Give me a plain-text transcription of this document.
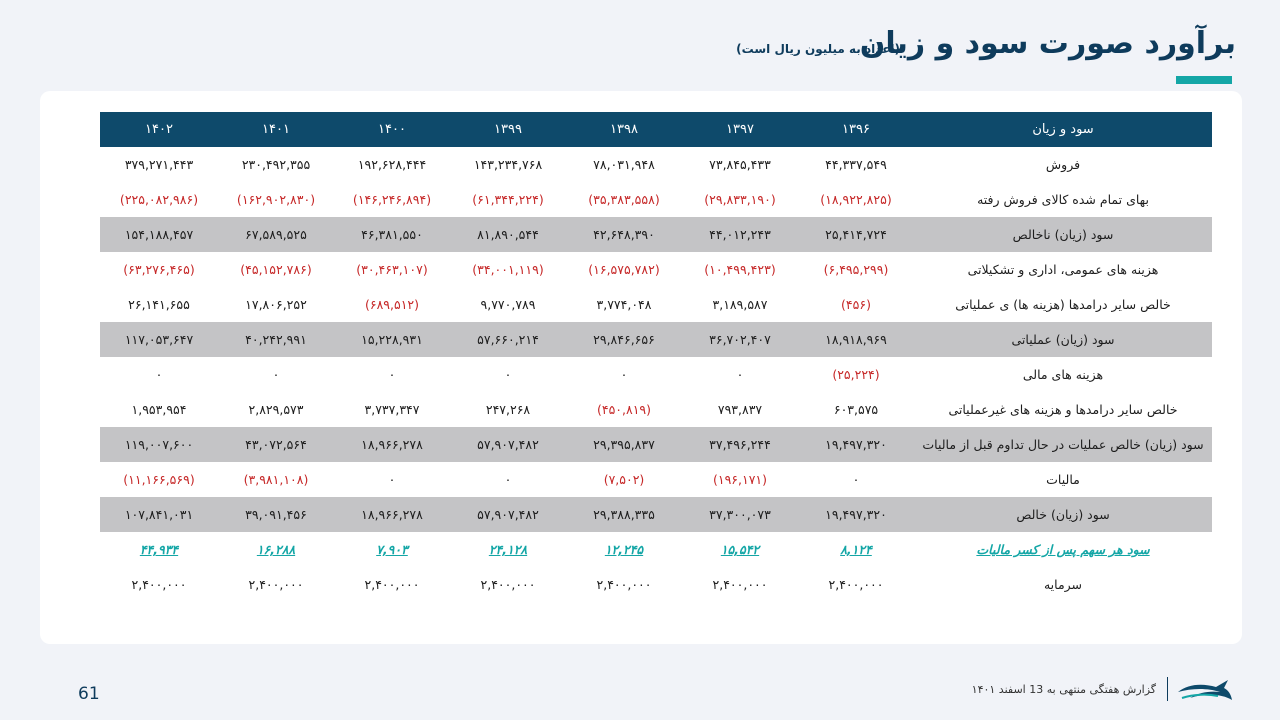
برآورد صورت سود و زیان
(اعداد به میلیون ریال است)
سود و زیان	۱۳۹۶	۱۳۹۷	۱۳۹۸	۱۳۹۹	۱۴۰۰	۱۴۰۱	۱۴۰۲
فروش	۴۴,۳۳۷,۵۴۹	۷۳,۸۴۵,۴۳۳	۷۸,۰۳۱,۹۴۸	۱۴۳,۲۳۴,۷۶۸	۱۹۲,۶۲۸,۴۴۴	۲۳۰,۴۹۲,۳۵۵	۳۷۹,۲۷۱,۴۴۳
بهای تمام شده کالای فروش رفته	(۱۸,۹۲۲,۸۲۵)	(۲۹,۸۳۳,۱۹۰)	(۳۵,۳۸۳,۵۵۸)	(۶۱,۳۴۴,۲۲۴)	(۱۴۶,۲۴۶,۸۹۴)	(۱۶۲,۹۰۲,۸۳۰)	(۲۲۵,۰۸۲,۹۸۶)
سود (زیان) ناخالص	۲۵,۴۱۴,۷۲۴	۴۴,۰۱۲,۲۴۳	۴۲,۶۴۸,۳۹۰	۸۱,۸۹۰,۵۴۴	۴۶,۳۸۱,۵۵۰	۶۷,۵۸۹,۵۲۵	۱۵۴,۱۸۸,۴۵۷
هزینه های عمومی، اداری و تشکیلاتی	(۶,۴۹۵,۲۹۹)	(۱۰,۴۹۹,۴۲۳)	(۱۶,۵۷۵,۷۸۲)	(۳۴,۰۰۱,۱۱۹)	(۳۰,۴۶۳,۱۰۷)	(۴۵,۱۵۲,۷۸۶)	(۶۳,۲۷۶,۴۶۵)
خالص سایر درامدها (هزینه ها) ی عملیاتی	(۴۵۶)	۳,۱۸۹,۵۸۷	۳,۷۷۴,۰۴۸	۹,۷۷۰,۷۸۹	(۶۸۹,۵۱۲)	۱۷,۸۰۶,۲۵۲	۲۶,۱۴۱,۶۵۵
سود (زیان) عملیاتی	۱۸,۹۱۸,۹۶۹	۳۶,۷۰۲,۴۰۷	۲۹,۸۴۶,۶۵۶	۵۷,۶۶۰,۲۱۴	۱۵,۲۲۸,۹۳۱	۴۰,۲۴۲,۹۹۱	۱۱۷,۰۵۳,۶۴۷
هزینه های مالی	(۲۵,۲۲۴)	۰	۰	۰	۰	۰	۰
خالص سایر درامدها و هزینه های غیرعملیاتی	۶۰۳,۵۷۵	۷۹۳,۸۳۷	(۴۵۰,۸۱۹)	۲۴۷,۲۶۸	۳,۷۳۷,۳۴۷	۲,۸۲۹,۵۷۳	۱,۹۵۳,۹۵۴
سود (زیان) خالص عملیات در حال تداوم قبل از مالیات	۱۹,۴۹۷,۳۲۰	۳۷,۴۹۶,۲۴۴	۲۹,۳۹۵,۸۳۷	۵۷,۹۰۷,۴۸۲	۱۸,۹۶۶,۲۷۸	۴۳,۰۷۲,۵۶۴	۱۱۹,۰۰۷,۶۰۰
مالیات	۰	(۱۹۶,۱۷۱)	(۷,۵۰۲)	۰	۰	(۳,۹۸۱,۱۰۸)	(۱۱,۱۶۶,۵۶۹)
سود (زیان) خالص	۱۹,۴۹۷,۳۲۰	۳۷,۳۰۰,۰۷۳	۲۹,۳۸۸,۳۳۵	۵۷,۹۰۷,۴۸۲	۱۸,۹۶۶,۲۷۸	۳۹,۰۹۱,۴۵۶	۱۰۷,۸۴۱,۰۳۱
سود هر سهم پس از کسر مالیات	۸,۱۲۴	۱۵,۵۴۲	۱۲,۲۴۵	۲۴,۱۲۸	۷,۹۰۳	۱۶,۲۸۸	۴۴,۹۳۴
سرمایه	۲,۴۰۰,۰۰۰	۲,۴۰۰,۰۰۰	۲,۴۰۰,۰۰۰	۲,۴۰۰,۰۰۰	۲,۴۰۰,۰۰۰	۲,۴۰۰,۰۰۰	۲,۴۰۰,۰۰۰
61	گزارش هفتگی منتهی به 13 اسفند ۱۴۰۱
